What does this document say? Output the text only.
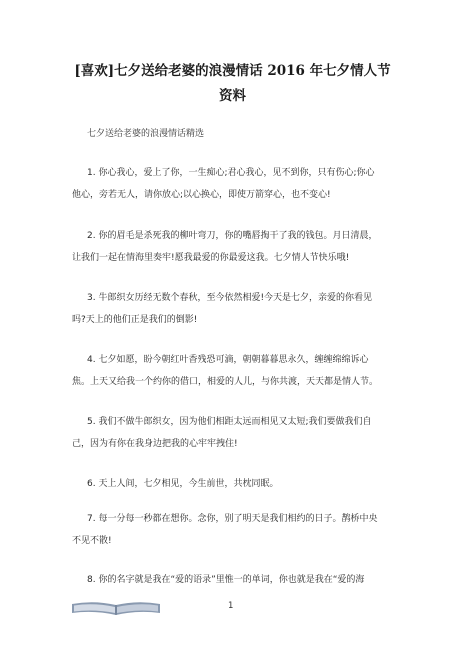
[喜欢]七夕送给老婆的浪漫情话 2016 年七夕情人节
资料
七夕送给老婆的浪漫情话精选
1. 你心我心，爱上了你，一生痴心;君心我心，见不到你，只有伤心;你心
他心，旁若无人，请你放心;以心换心，即使万箭穿心，也不变心!
2. 你的眉毛是杀死我的柳叶弯刀，你的嘴唇掏干了我的钱包。月日清晨，
让我们一起在情海里奏牢!愿我最爱的你最爱这我。七夕情人节快乐哦!
3. 牛郎织女历经无数个春秋，至今依然相爱!今天是七夕，亲爱的你看见
吗?天上的他们正是我们的倒影!
4. 七夕如愿，盼今朝红叶香残恐可滴，朝朝暮暮思永久，缠缠绵绵诉心
焦。上天又给我一个约你的借口，相爱的人儿，与你共渡，天天都是情人节。
5. 我们不做牛郎织女，因为他们相距太远而相见又太短;我们要做我们自
己，因为有你在我身边把我的心牢牢拽住!
6. 天上人间，七夕相见，今生前世，共枕同眠。
7. 每一分每一秒都在想你。念你，别了明天是我们相约的日子。鹊桥中央
不见不散!
8. 你的名字就是我在“爱的语录”里惟一的单词，你也就是我在“爱的海
1
